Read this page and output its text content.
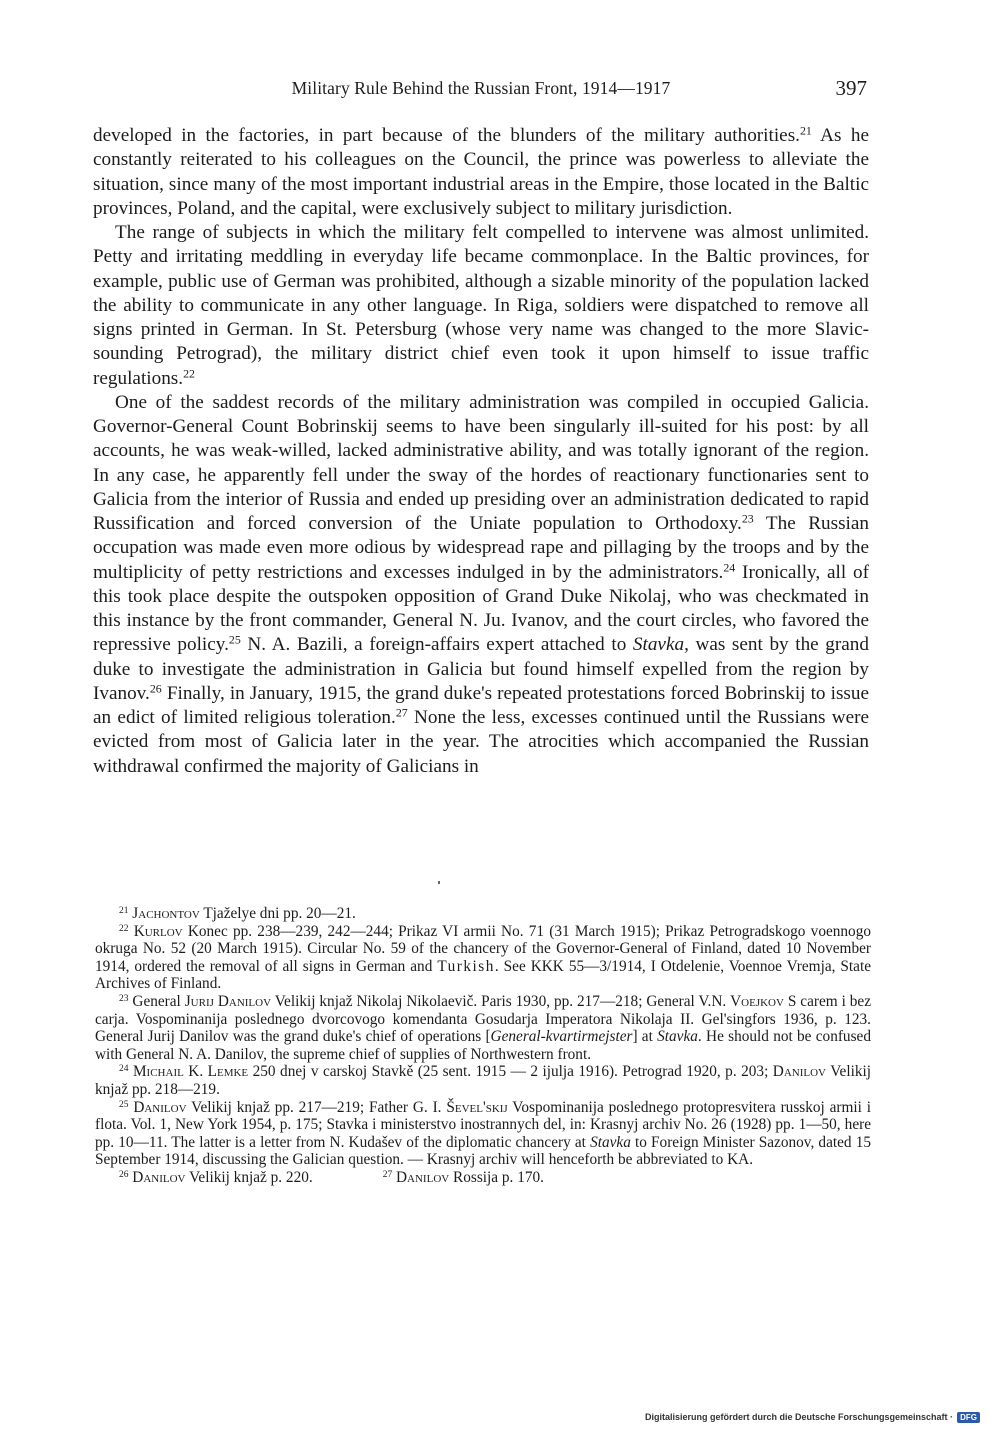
Military Rule Behind the Russian Front, 1914—1917	397

developed in the factories, in part because of the blunders of the military authorities.$^{21}$ As he constantly reiterated to his colleagues on the Council, the prince was powerless to alleviate the situation, since many of the most important industrial areas in the Empire, those located in the Baltic provinces, Poland, and the capital, were exclusively subject to military jurisdiction.

The range of subjects in which the military felt compelled to intervene was almost unlimited. Petty and irritating meddling in everyday life became commonplace. In the Baltic provinces, for example, public use of German was prohibited, although a sizable minority of the population lacked the ability to communicate in any other language. In Riga, soldiers were dispatched to remove all signs printed in German. In St. Petersburg (whose very name was changed to the more Slavic-sounding Petrograd), the military district chief even took it upon himself to issue traffic regulations.$^{22}$

One of the saddest records of the military administration was compiled in occupied Galicia. Governor-General Count Bobrinskij seems to have been singularly ill-suited for his post: by all accounts, he was weak-willed, lacked administrative ability, and was totally ignorant of the region. In any case, he apparently fell under the sway of the hordes of reactionary functionaries sent to Galicia from the interior of Russia and ended up presiding over an administration dedicated to rapid Russification and forced conversion of the Uniate population to Orthodoxy.$^{23}$ The Russian occupation was made even more odious by widespread rape and pillaging by the troops and by the multiplicity of petty restrictions and excesses indulged in by the administrators.$^{24}$ Ironically, all of this took place despite the outspoken opposition of Grand Duke Nikolaj, who was checkmated in this instance by the front commander, General N. Ju. Ivanov, and the court circles, who favored the repressive policy.$^{25}$ N. A. Bazili, a foreign-affairs expert attached to Stavka, was sent by the grand duke to investigate the administration in Galicia but found himself expelled from the region by Ivanov.$^{26}$ Finally, in January, 1915, the grand duke's repeated protestations forced Bobrinskij to issue an edict of limited religious toleration.$^{27}$ None the less, excesses continued until the Russians were evicted from most of Galicia later in the year. The atrocities which accompanied the Russian withdrawal confirmed the majority of Galicians in

$^{21}$ Jachontov Tjaželye dni pp. 20—21.

$^{22}$ Kurlov Konec pp. 238—239, 242—244; Prikaz VI armii No. 71 (31 March 1915); Prikaz Petrogradskogo voennogo okruga No. 52 (20 March 1915). Circular No. 59 of the chancery of the Governor-General of Finland, dated 10 November 1914, ordered the removal of all signs in German and Turkish. See KKK 55—3/1914, I Otdelenie, Voennoe Vremja, State Archives of Finland.

$^{23}$ General Jurij Danilov Velikij knjaž Nikolaj Nikolaevič. Paris 1930, pp. 217—218; General V.N. Voejkov S carem i bez carja. Vospominanija poslednego dvorcovogo komendanta Gosudarja Imperatora Nikolaja II. Gel'singfors 1936, p. 123. General Jurij Danilov was the grand duke's chief of operations [General-kvartirmejster] at Stavka. He should not be confused with General N. A. Danilov, the supreme chief of supplies of Northwestern front.

$^{24}$ Michail K. Lemke 250 dnej v carskoj Stavkě (25 sent. 1915 — 2 ijulja 1916). Petrograd 1920, p. 203; Danilov Velikij knjaž pp. 218—219.

$^{25}$ Danilov Velikij knjaž pp. 217—219; Father G. I. Ševel'skij Vospominanija poslednego protopresvitera russkoj armii i flota. Vol. 1, New York 1954, p. 175; Stavka i ministerstvo inostrannych del, in: Krasnyj archiv No. 26 (1928) pp. 1—50, here pp. 10—11. The latter is a letter from N. Kudašev of the diplomatic chancery at Stavka to Foreign Minister Sazonov, dated 15 September 1914, discussing the Galician question. — Krasnyj archiv will henceforth be abbreviated to KA.

$^{26}$ Danilov Velikij knjaž p. 220.	$^{27}$ Danilov Rossija p. 170.

Digitalisierung gefördert durch die Deutsche Forschungsgemeinschaft · DFG
